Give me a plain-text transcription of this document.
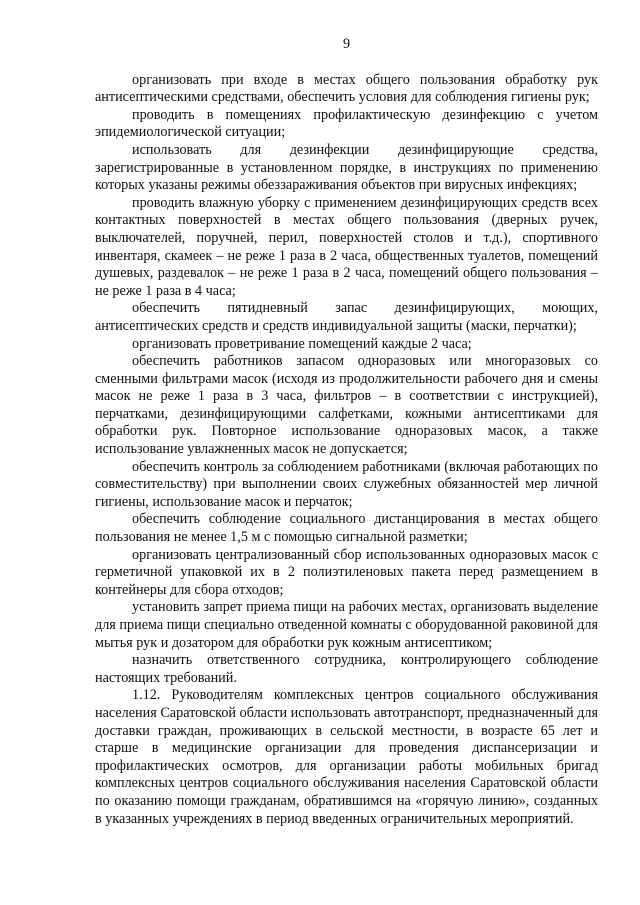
9

организовать при входе в местах общего пользования обработку рук антисептическими средствами, обеспечить условия для соблюдения гигиены рук;

проводить в помещениях профилактическую дезинфекцию с учетом эпидемиологической ситуации;

использовать для дезинфекции дезинфицирующие средства, зарегистрированные в установленном порядке, в инструкциях по применению которых указаны режимы обеззараживания объектов при вирусных инфекциях;

проводить влажную уборку с применением дезинфицирующих средств всех контактных поверхностей в местах общего пользования (дверных ручек, выключателей, поручней, перил, поверхностей столов и т.д.), спортивного инвентаря, скамеек – не реже 1 раза в 2 часа, общественных туалетов, помещений душевых, раздевалок – не реже 1 раза в 2 часа, помещений общего пользования – не реже 1 раза в 4 часа;

обеспечить пятидневный запас дезинфицирующих, моющих, антисептических средств и средств индивидуальной защиты (маски, перчатки);

организовать проветривание помещений каждые 2 часа;

обеспечить работников запасом одноразовых или многоразовых со сменными фильтрами масок (исходя из продолжительности рабочего дня и смены масок не реже 1 раза в 3 часа, фильтров – в соответствии с инструкцией), перчатками, дезинфицирующими салфетками, кожными антисептиками для обработки рук. Повторное использование одноразовых масок, а также использование увлажненных масок не допускается;

обеспечить контроль за соблюдением работниками (включая работающих по совместительству) при выполнении своих служебных обязанностей мер личной гигиены, использование масок и перчаток;

обеспечить соблюдение социального дистанцирования в местах общего пользования не менее 1,5 м с помощью сигнальной разметки;

организовать централизованный сбор использованных одноразовых масок с герметичной упаковкой их в 2 полиэтиленовых пакета перед размещением в контейнеры для сбора отходов;

установить запрет приема пищи на рабочих местах, организовать выделение для приема пищи специально отведенной комнаты с оборудованной раковиной для мытья рук и дозатором для обработки рук кожным антисептиком;

назначить ответственного сотрудника, контролирующего соблюдение настоящих требований.

1.12. Руководителям комплексных центров социального обслуживания населения Саратовской области использовать автотранспорт, предназначенный для доставки граждан, проживающих в сельской местности, в возрасте 65 лет и старше в медицинские организации для проведения диспансеризации и профилактических осмотров, для организации работы мобильных бригад комплексных центров социального обслуживания населения Саратовской области по оказанию помощи гражданам, обратившимся на «горячую линию», созданных в указанных учреждениях в период введенных ограничительных мероприятий.
